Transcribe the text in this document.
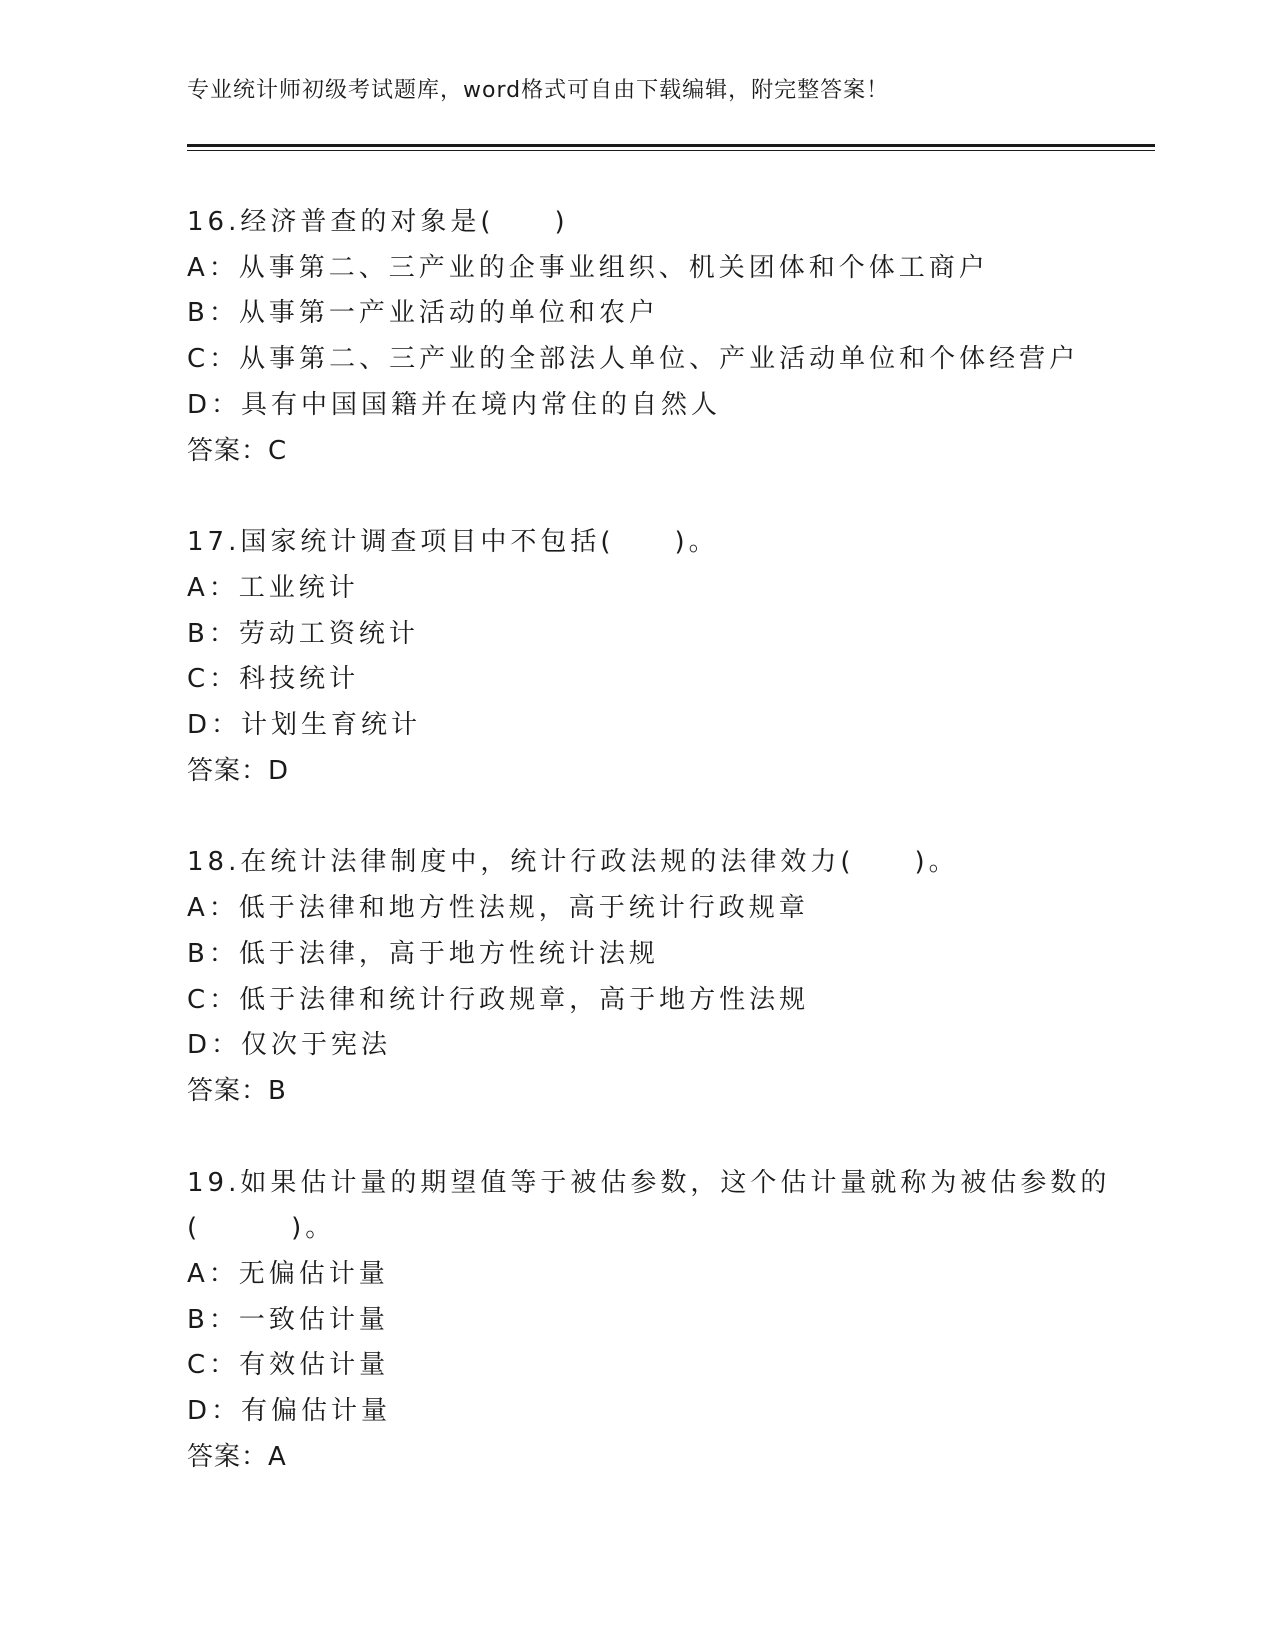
专业统计师初级考试题库，word格式可自由下载编辑，附完整答案！
16.经济普查的对象是(　　)
A：从事第二、三产业的企事业组织、机关团体和个体工商户
B：从事第一产业活动的单位和农户
C：从事第二、三产业的全部法人单位、产业活动单位和个体经营户
D：具有中国国籍并在境内常住的自然人
答案：C
17.国家统计调查项目中不包括(　　)。
A：工业统计
B：劳动工资统计
C：科技统计
D：计划生育统计
答案：D
18.在统计法律制度中，统计行政法规的法律效力(　　)。
A：低于法律和地方性法规，高于统计行政规章
B：低于法律，高于地方性统计法规
C：低于法律和统计行政规章，高于地方性法规
D：仅次于宪法
答案：B
19.如果估计量的期望值等于被估参数，这个估计量就称为被估参数的(　　　)。
A：无偏估计量
B：一致估计量
C：有效估计量
D：有偏估计量
答案：A
